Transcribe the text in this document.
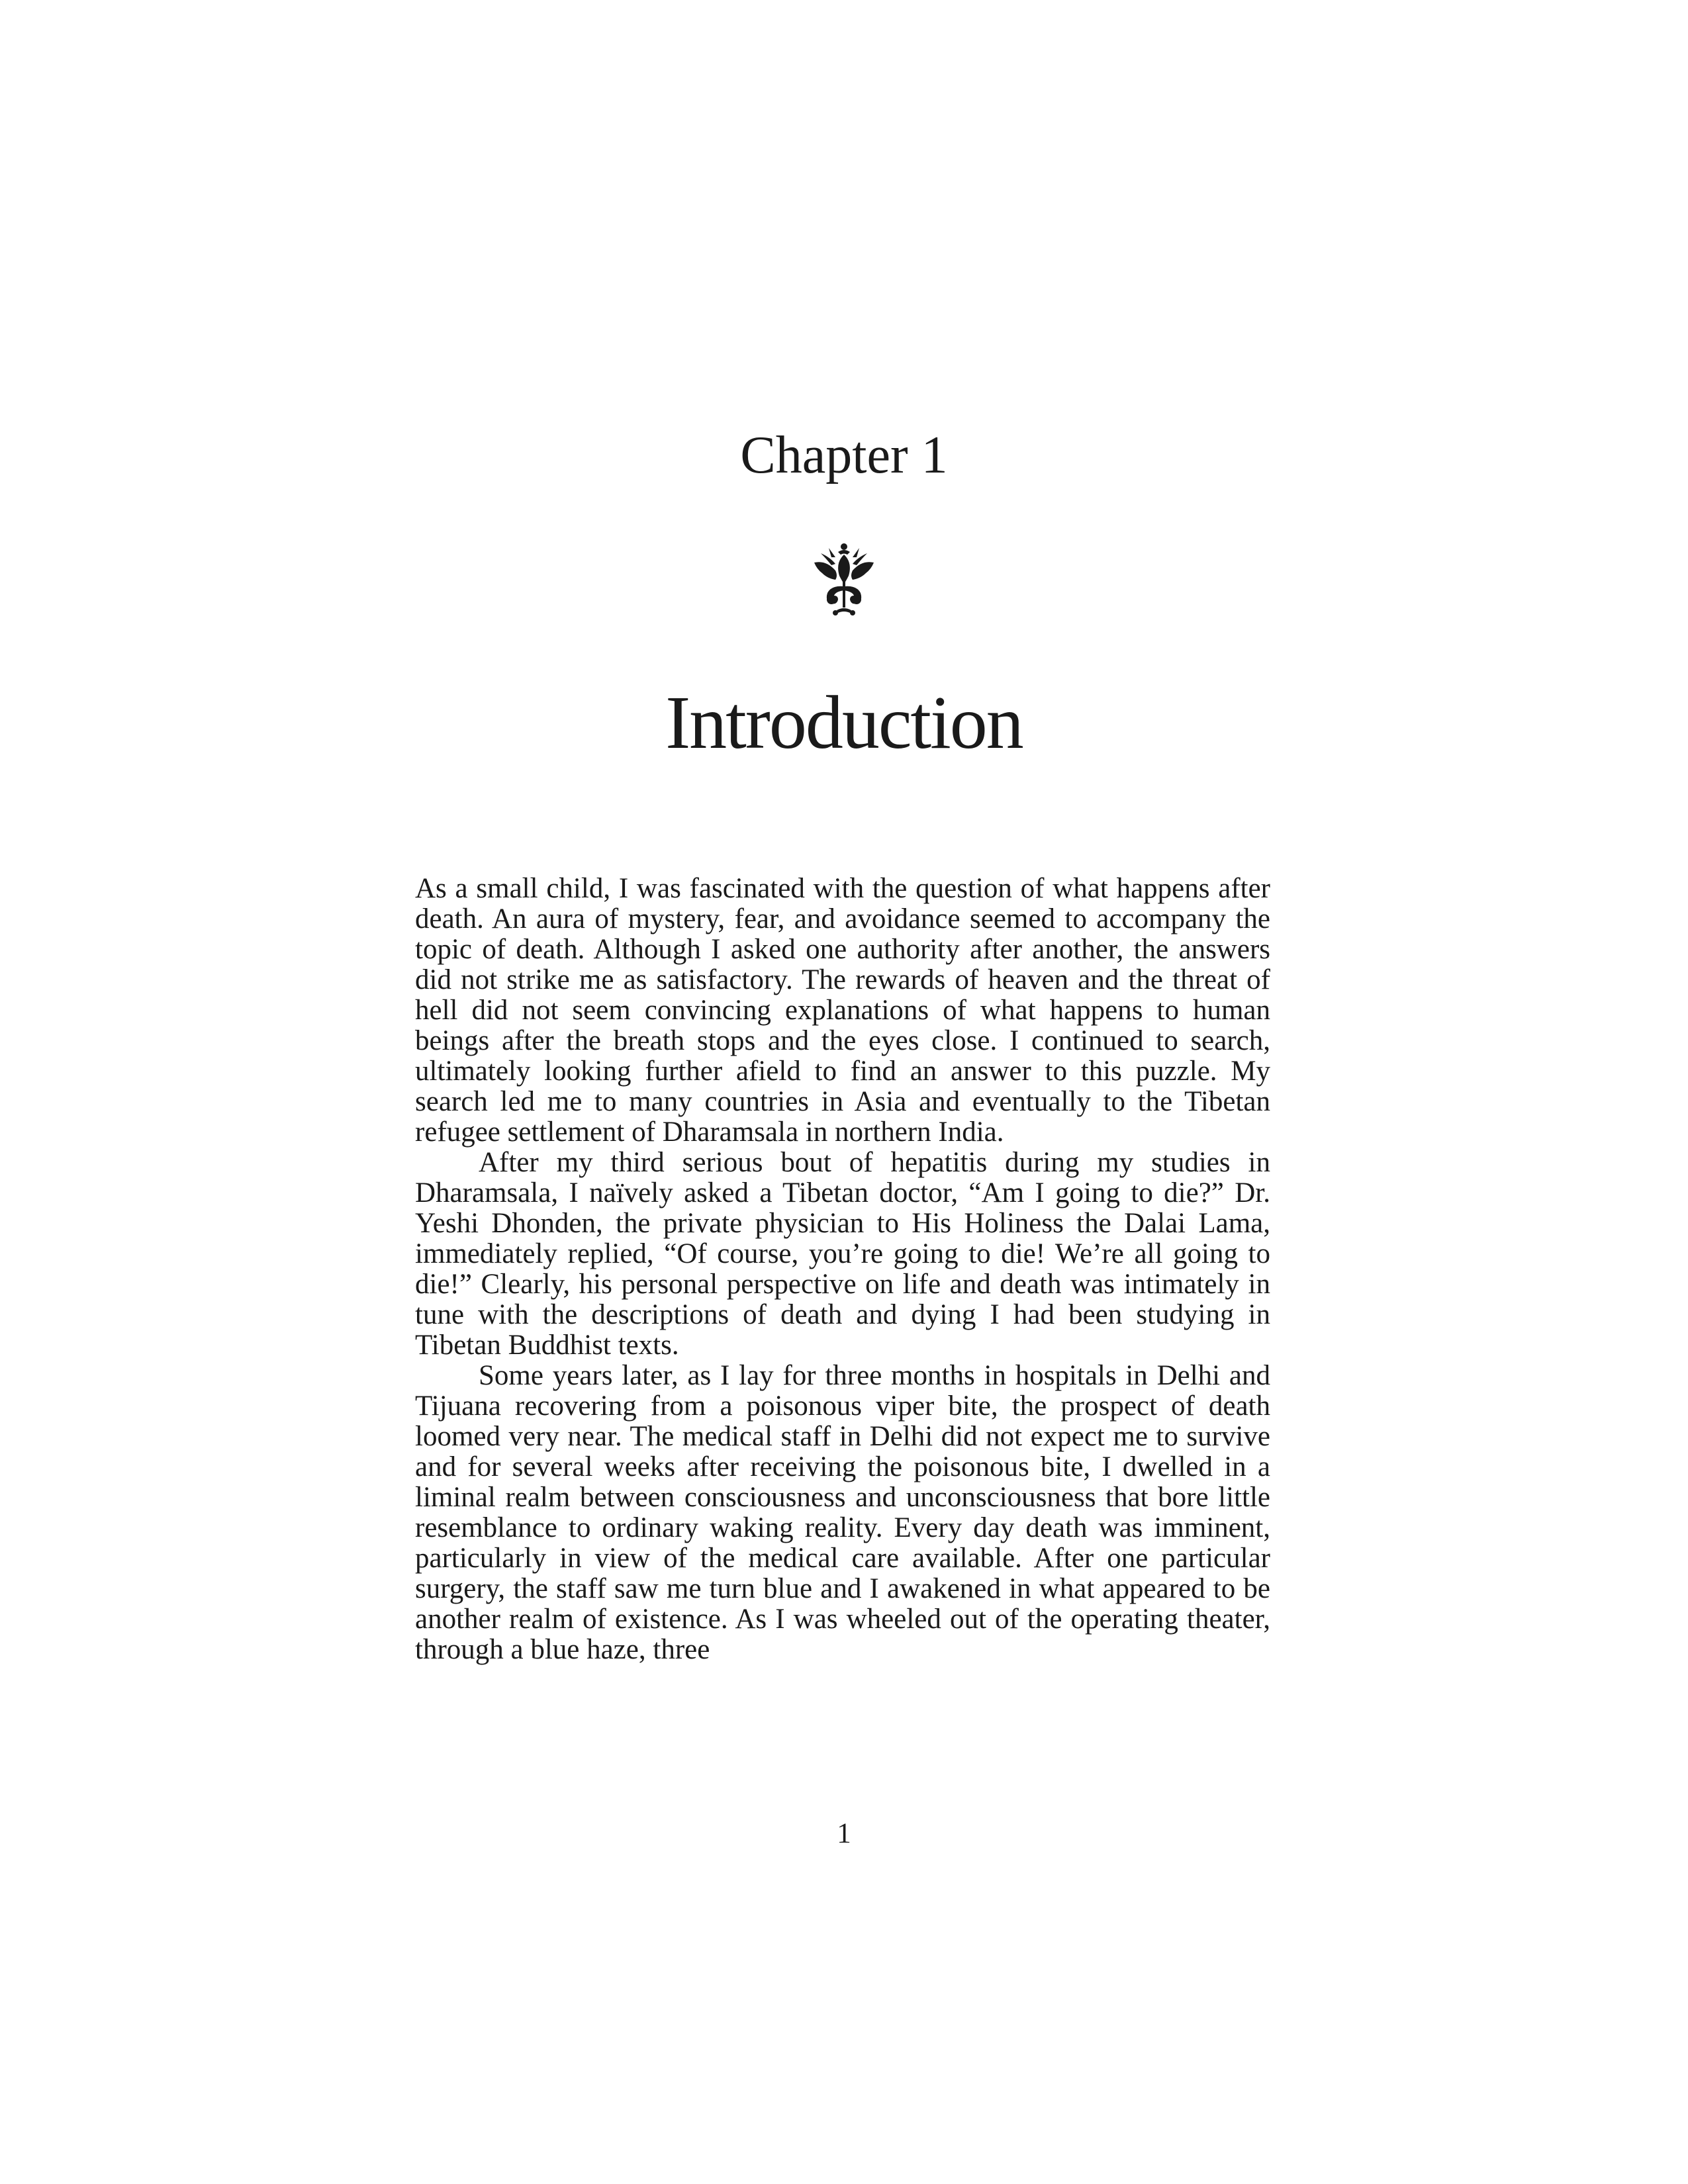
Chapter 1
Introduction

As a small child, I was fascinated with the question of what happens after death. An aura of mystery, fear, and avoidance seemed to accompany the topic of death. Although I asked one authority after another, the answers did not strike me as satisfactory. The rewards of heaven and the threat of hell did not seem convincing explanations of what happens to human beings after the breath stops and the eyes close. I continued to search, ultimately looking further afield to find an answer to this puzzle. My search led me to many countries in Asia and eventually to the Tibetan refugee settlement of Dharamsala in northern India.

After my third serious bout of hepatitis during my studies in Dharamsala, I naïvely asked a Tibetan doctor, “Am I going to die?” Dr. Yeshi Dhonden, the private physician to His Holiness the Dalai Lama, immediately replied, “Of course, you’re going to die! We’re all going to die!” Clearly, his personal perspective on life and death was intimately in tune with the descriptions of death and dying I had been studying in Tibetan Buddhist texts.

Some years later, as I lay for three months in hospitals in Delhi and Tijuana recovering from a poisonous viper bite, the prospect of death loomed very near. The medical staff in Delhi did not expect me to survive and for several weeks after receiving the poisonous bite, I dwelled in a liminal realm between consciousness and unconsciousness that bore little resemblance to ordinary waking reality. Every day death was imminent, particularly in view of the medical care available. After one particular surgery, the staff saw me turn blue and I awakened in what appeared to be another realm of existence. As I was wheeled out of the operating theater, through a blue haze, three

1
